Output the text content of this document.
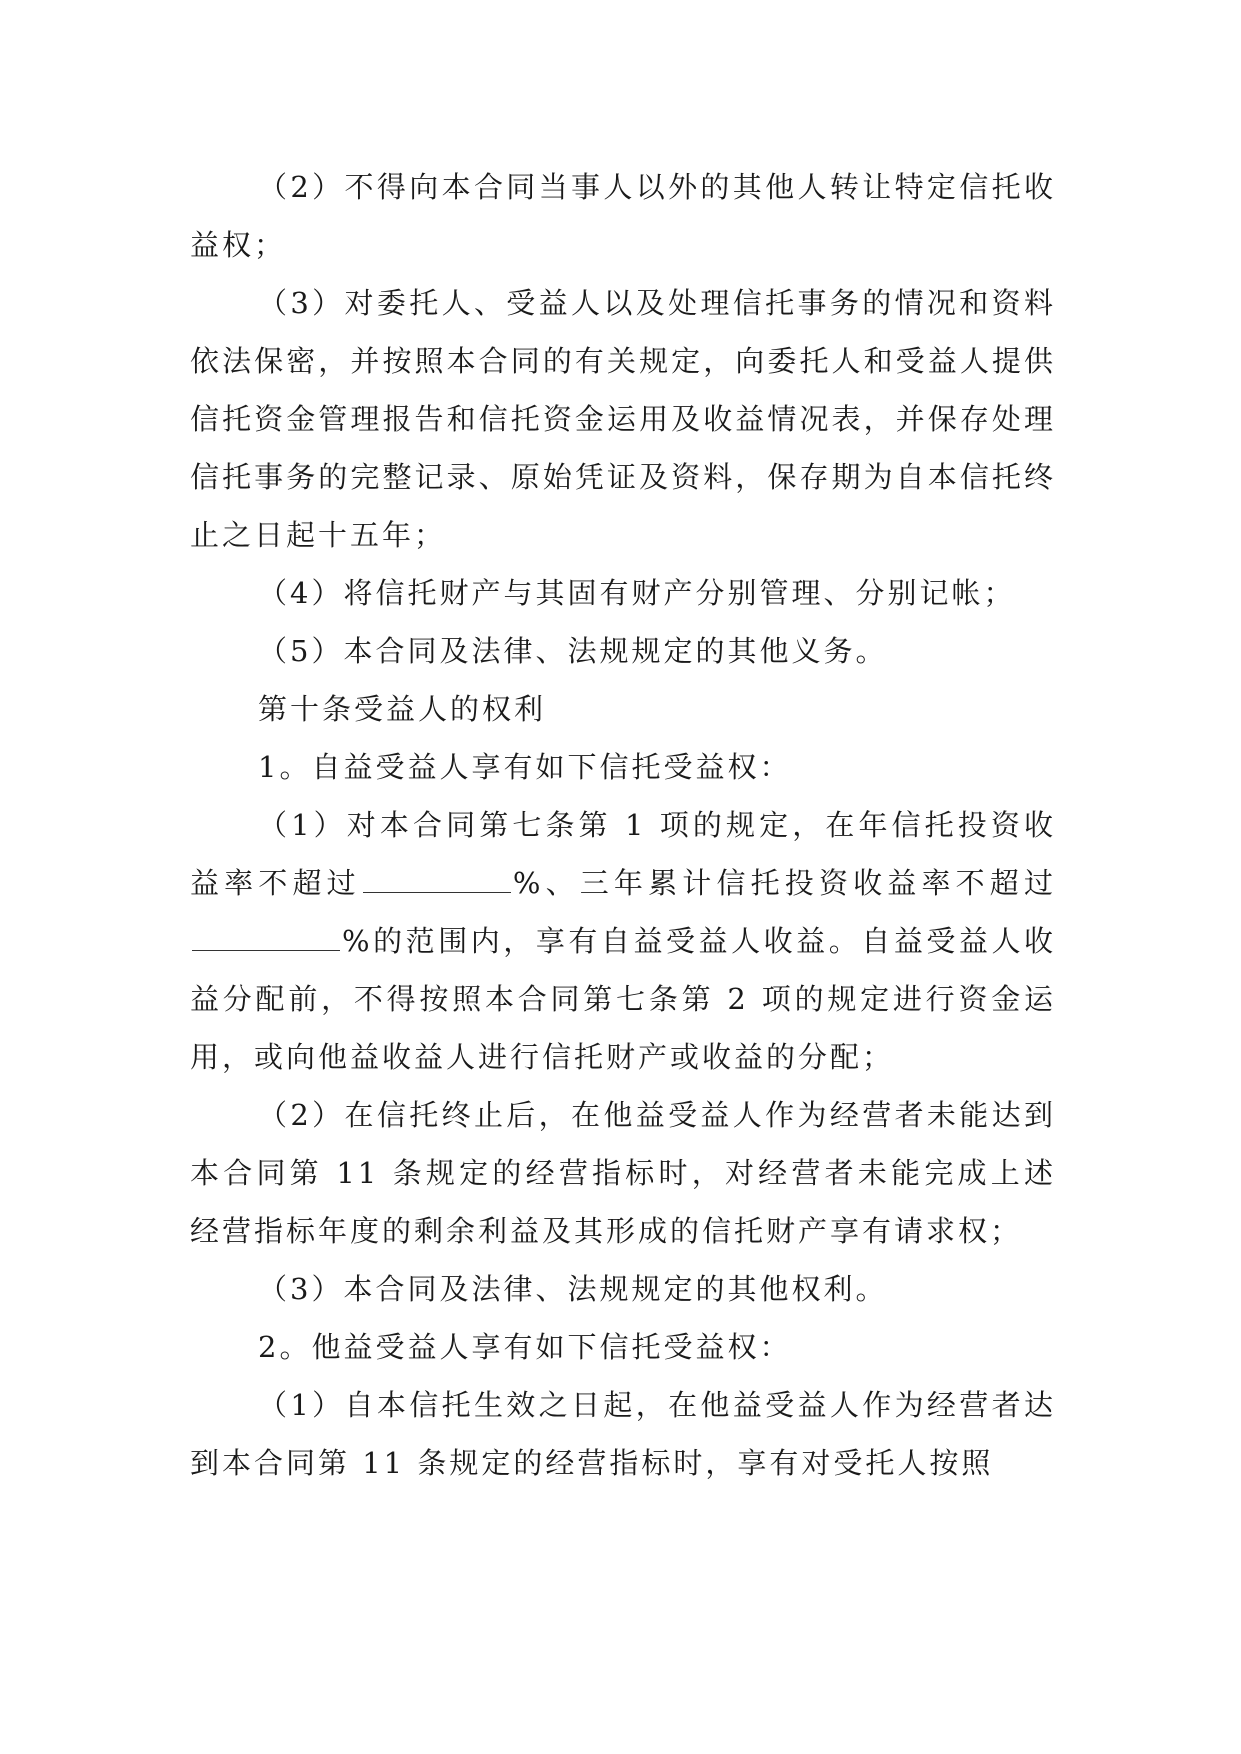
（2）不得向本合同当事人以外的其他人转让特定信托收益权；

（3）对委托人、受益人以及处理信托事务的情况和资料依法保密，并按照本合同的有关规定，向委托人和受益人提供信托资金管理报告和信托资金运用及收益情况表，并保存处理信托事务的完整记录、原始凭证及资料，保存期为自本信托终止之日起十五年；

（4）将信托财产与其固有财产分别管理、分别记帐；

（5）本合同及法律、法规规定的其他义务。

第十条受益人的权利

1。自益受益人享有如下信托受益权：

（1）对本合同第七条第 1 项的规定，在年信托投资收益率不超过	%、三年累计信托投资收益率不超过%的范围内，享有自益受益人收益。自益受益人收益分配前，不得按照本合同第七条第 2 项的规定进行资金运用，或向他益收益人进行信托财产或收益的分配；

（2）在信托终止后，在他益受益人作为经营者未能达到本合同第 11 条规定的经营指标时，对经营者未能完成上述经营指标年度的剩余利益及其形成的信托财产享有请求权；

（3）本合同及法律、法规规定的其他权利。

2。他益受益人享有如下信托受益权：

（1）自本信托生效之日起，在他益受益人作为经营者达到本合同第 11 条规定的经营指标时，享有对受托人按照
